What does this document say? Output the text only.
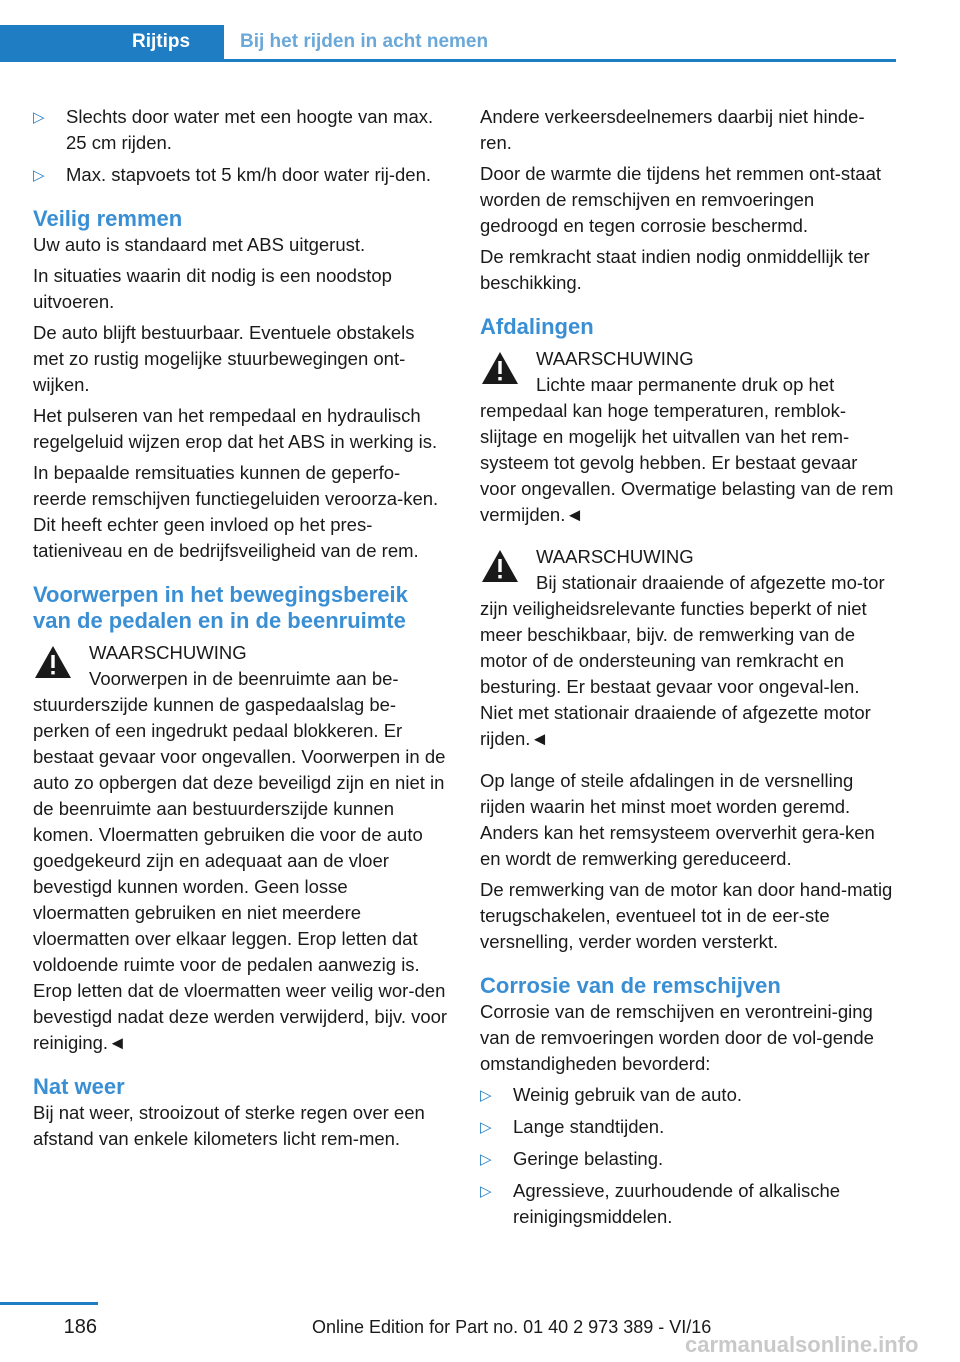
Rijtips	Bij het rijden in acht nemen
▷ Slechts door water met een hoogte van max. 25 cm rijden.
▷ Max. stapvoets tot 5 km/h door water rij‐den.
Veilig remmen

Uw auto is standaard met ABS uitgerust.

In situaties waarin dit nodig is een noodstop uitvoeren.

De auto blijft bestuurbaar. Eventuele obstakels met zo rustig mogelijke stuurbewegingen ont‐wijken.

Het pulseren van het rempedaal en hydraulisch regelgeluid wijzen erop dat het ABS in werking is.

In bepaalde remsituaties kunnen de geperfo‐reerde remschijven functiegeluiden veroorza‐ken. Dit heeft echter geen invloed op het pres‐tatieniveau en de bedrijfsveiligheid van de rem.

Voorwerpen in het bewegingsbereik van de pedalen en in de beenruimte
WAARSCHUWING
Voorwerpen in de beenruimte aan be‐stuurderszijde kunnen de gaspedaalslag be‐perken of een ingedrukt pedaal blokkeren. Er bestaat gevaar voor ongevallen. Voorwerpen in de auto zo opbergen dat deze beveiligd zijn en niet in de beenruimte aan bestuurderszijde kunnen komen. Vloermatten gebruiken die voor de auto goedgekeurd zijn en adequaat aan de vloer bevestigd kunnen worden. Geen losse vloermatten gebruiken en niet meerdere vloermatten over elkaar leggen. Erop letten dat voldoende ruimte voor de pedalen aanwezig is. Erop letten dat de vloermatten weer veilig wor‐den bevestigd nadat deze werden verwijderd, bijv. voor reiniging.◄
Nat weer

Bij nat weer, strooizout of sterke regen over een afstand van enkele kilometers licht rem‐men.

Andere verkeersdeelnemers daarbij niet hinde‐ren.

Door de warmte die tijdens het remmen ont‐staat worden de remschijven en remvoeringen gedroogd en tegen corrosie beschermd.

De remkracht staat indien nodig onmiddellijk ter beschikking.

Afdalingen
WAARSCHUWING
Lichte maar permanente druk op het rempedaal kan hoge temperaturen, remblok‐slijtage en mogelijk het uitvallen van het rem‐systeem tot gevolg hebben. Er bestaat gevaar voor ongevallen. Overmatige belasting van de rem vermijden.◄
WAARSCHUWING
Bij stationair draaiende of afgezette mo‐tor zijn veiligheidsrelevante functies beperkt of niet meer beschikbaar, bijv. de remwerking van de motor of de ondersteuning van remkracht en besturing. Er bestaat gevaar voor ongeval‐len. Niet met stationair draaiende of afgezette motor rijden.◄

Op lange of steile afdalingen in de versnelling rijden waarin het minst moet worden geremd. Anders kan het remsysteem oververhit gera‐ken en wordt de remwerking gereduceerd.

De remwerking van de motor kan door hand‐matig terugschakelen, eventueel tot in de eer‐ste versnelling, verder worden versterkt.

Corrosie van de remschijven

Corrosie van de remschijven en verontreini‐ging van de remvoeringen worden door de vol‐gende omstandigheden bevorderd:

▷ Weinig gebruik van de auto.
▷ Lange standtijden.
▷ Geringe belasting.
▷ Agressieve, zuurhoudende of alkalische reinigingsmiddelen.
186	Online Edition for Part no. 01 40 2 973 389 - VI/16
carmanualsonline.info
